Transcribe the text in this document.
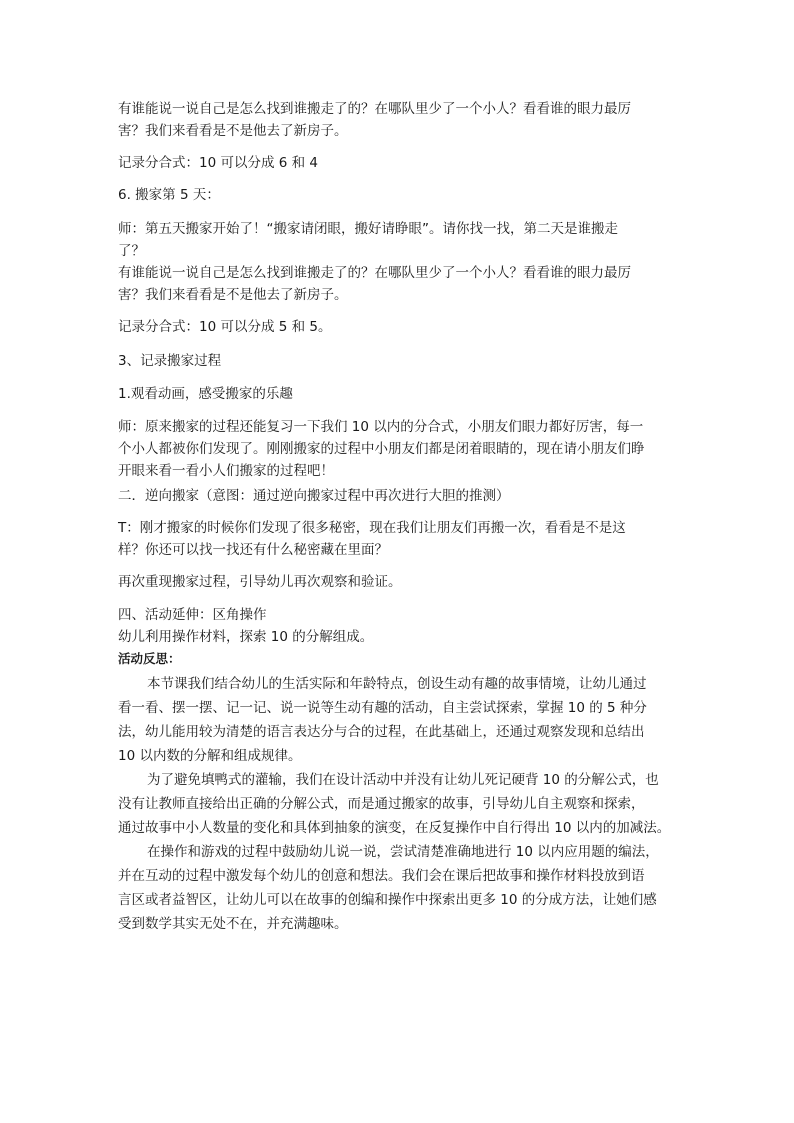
有谁能说一说自己是怎么找到谁搬走了的？在哪队里少了一个小人？看看谁的眼力最厉
害？我们来看看是不是他去了新房子。
记录分合式：10 可以分成 6 和 4
6. 搬家第 5 天：
师：第五天搬家开始了！“搬家请闭眼，搬好请睁眼”。请你找一找，第二天是谁搬走
了？
有谁能说一说自己是怎么找到谁搬走了的？在哪队里少了一个小人？看看谁的眼力最厉
害？我们来看看是不是他去了新房子。
记录分合式：10 可以分成 5 和 5。
3、记录搬家过程
1.观看动画，感受搬家的乐趣
师：原来搬家的过程还能复习一下我们 10 以内的分合式，小朋友们眼力都好厉害，每一
个小人都被你们发现了。刚刚搬家的过程中小朋友们都是闭着眼睛的，现在请小朋友们睁
开眼来看一看小人们搬家的过程吧！
二．逆向搬家（意图：通过逆向搬家过程中再次进行大胆的推测）
T：刚才搬家的时候你们发现了很多秘密，现在我们让朋友们再搬一次，看看是不是这
样？你还可以找一找还有什么秘密藏在里面？
再次重现搬家过程，引导幼儿再次观察和验证。
四、活动延伸：区角操作
幼儿利用操作材料，探索 10 的分解组成。
活动反思：
本节课我们结合幼儿的生活实际和年龄特点，创设生动有趣的故事情境，让幼儿通过
看一看、摆一摆、记一记、说一说等生动有趣的活动，自主尝试探索，掌握 10 的 5 种分
法，幼儿能用较为清楚的语言表达分与合的过程，在此基础上，还通过观察发现和总结出
10 以内数的分解和组成规律。
为了避免填鸭式的灌输，我们在设计活动中并没有让幼儿死记硬背 10 的分解公式，也
没有让教师直接给出正确的分解公式，而是通过搬家的故事，引导幼儿自主观察和探索，
通过故事中小人数量的变化和具体到抽象的演变，在反复操作中自行得出 10 以内的加减法。
在操作和游戏的过程中鼓励幼儿说一说，尝试清楚准确地进行 10 以内应用题的编法，
并在互动的过程中激发每个幼儿的创意和想法。我们会在课后把故事和操作材料投放到语
言区或者益智区，让幼儿可以在故事的创编和操作中探索出更多 10 的分成方法，让她们感
受到数学其实无处不在，并充满趣味。
